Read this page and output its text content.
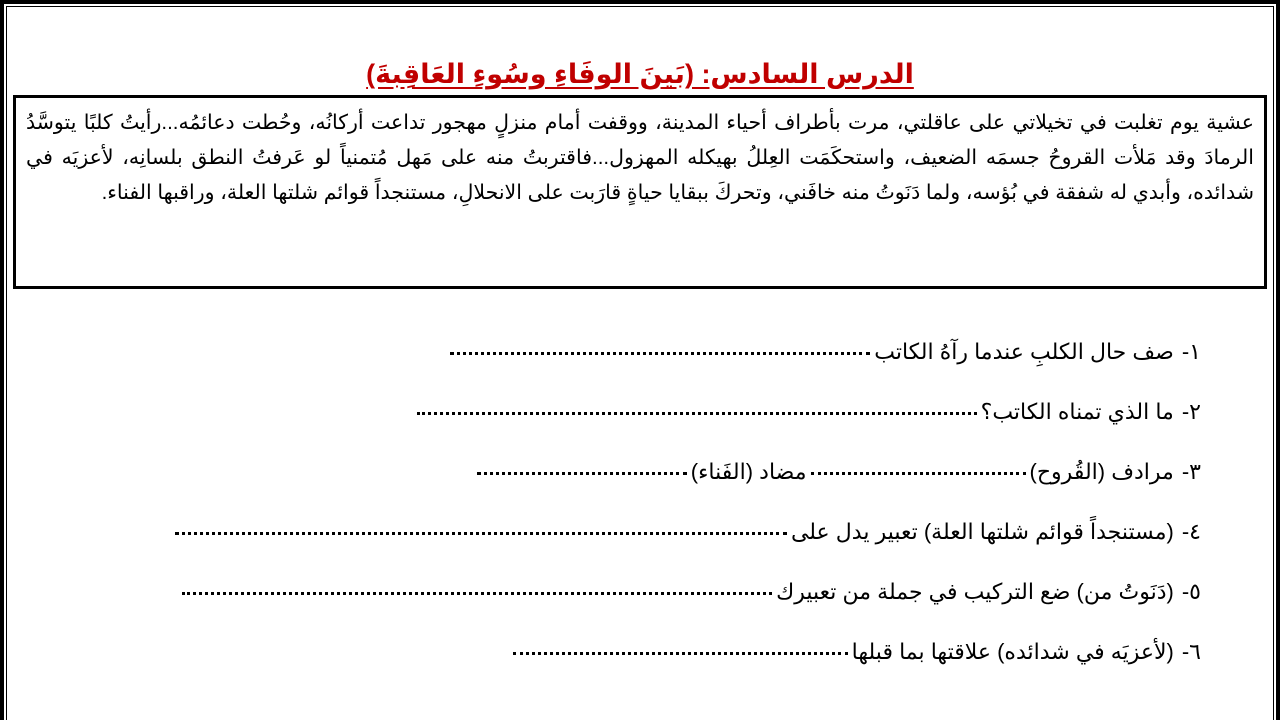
الدرس السادس: (بَينَ الوفَاءِ وسُوءِ العَاقِبةَ)

عشية يوم تغلبت في تخيلاتي على عاقلتي، مرت بأطراف أحياء المدينة، ووقفت أمام منزلٍ مهجور تداعت أركانُه، وحُطت دعائمُه...رأيتُ كلبًا يتوسَّدُ الرمادَ وقد مَلأت القروحُ جسمَه الضعيف، واستحكَمَت العِللُ بهيكله المهزول...فاقتربتُ منه على مَهل مُتمنياً لو عَرفتُ النطق بلسانِه، لأعزيَه في شدائده، وأبدي له شفقة في بُؤسه، ولما دَنَوتُ منه خافَني، وتحركَ ببقايا حياةٍ قارَبت على الانحلالِ، مستنجداً قوائم شلتها العلة، وراقبها الفناء.

١-
صف حال الكلبِ عندما رآهُ الكاتب
٢-
ما الذي تمناه الكاتب؟
٣-
مرادف (القُروح)
مضاد (الفَناء)
٤-
(مستنجداً قوائم شلتها العلة) تعبير يدل على
٥-
(دَنَوتُ من) ضع التركيب في جملة من تعبيرك
٦-
(لأعزيَه في شدائده) علاقتها بما قبلها
